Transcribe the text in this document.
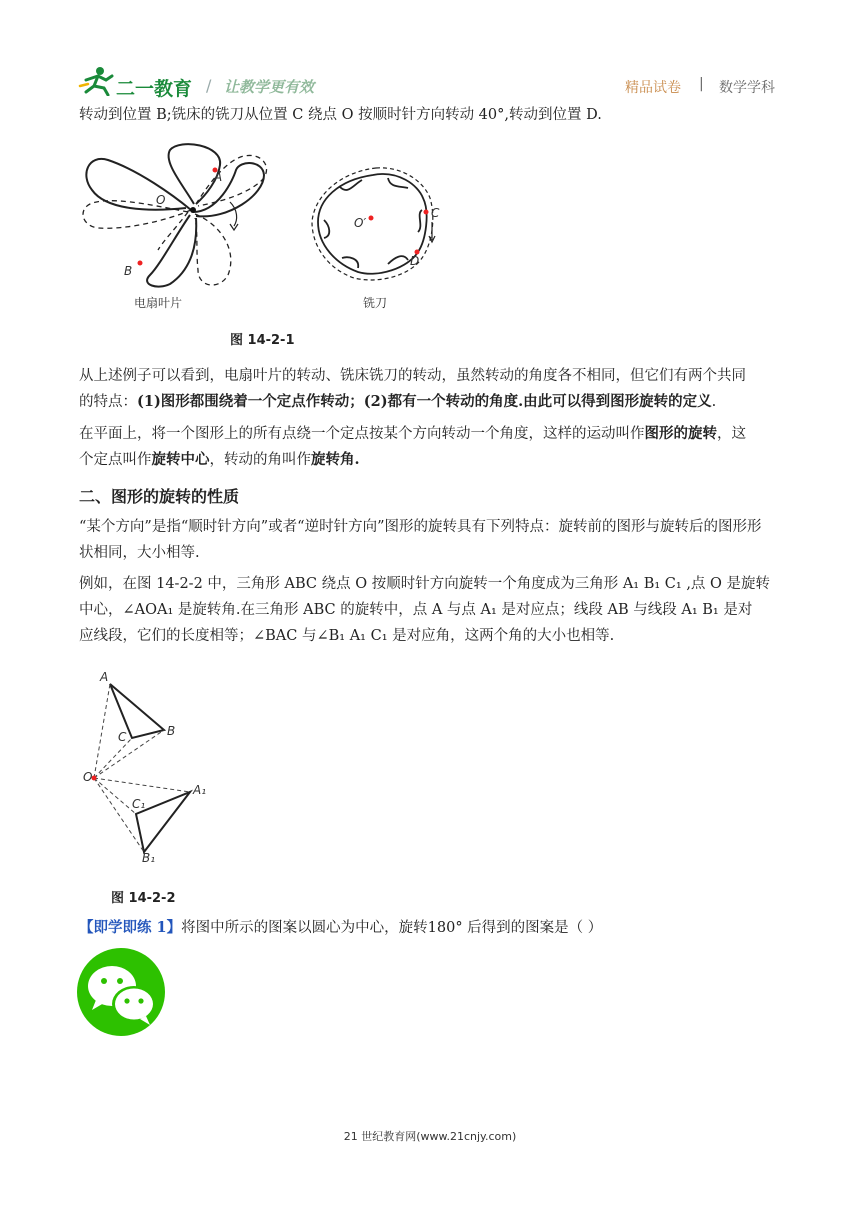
二一教育 / 让教学更有效	精品试卷 | 数学学科
转动到位置 B;铣床的铣刀从位置 C 绕点 O 按顺时针方向转动 40°,转动到位置 D.
O
A
B
O′
C
D
电扇叶片	铣刀
图 14-2-1
从上述例子可以看到，电扇叶片的转动、铣床铣刀的转动，虽然转动的角度各不相同，但它们有两个共同
的特点：(1)图形都围绕着一个定点作转动；(2)都有一个转动的角度.由此可以得到图形旋转的定义.
在平面上，将一个图形上的所有点绕一个定点按某个方向转动一个角度，这样的运动叫作图形的旋转，这
个定点叫作旋转中心，转动的角叫作旋转角.
二、图形的旋转的性质
“某个方向”是指“顺时针方向”或者“逆时针方向”图形的旋转具有下列特点：旋转前的图形与旋转后的图形形
状相同，大小相等.
例如，在图 14-2-2 中，三角形 ABC 绕点 O 按顺时针方向旋转一个角度成为三角形 A₁ B₁ C₁ ,点 O 是旋转
中心，∠AOA₁ 是旋转角.在三角形 ABC 的旋转中，点 A 与点 A₁ 是对应点；线段 AB 与线段 A₁ B₁ 是对
应线段，它们的长度相等；∠BAC 与∠B₁ A₁ C₁ 是对应角，这两个角的大小也相等.
A
B
C
O
A₁
C₁
B₁
图 14-2-2
【即学即练 1】将图中所示的图案以圆心为中心，旋转180° 后得到的图案是（ ）
21 世纪教育网(www.21cnjy.com)
